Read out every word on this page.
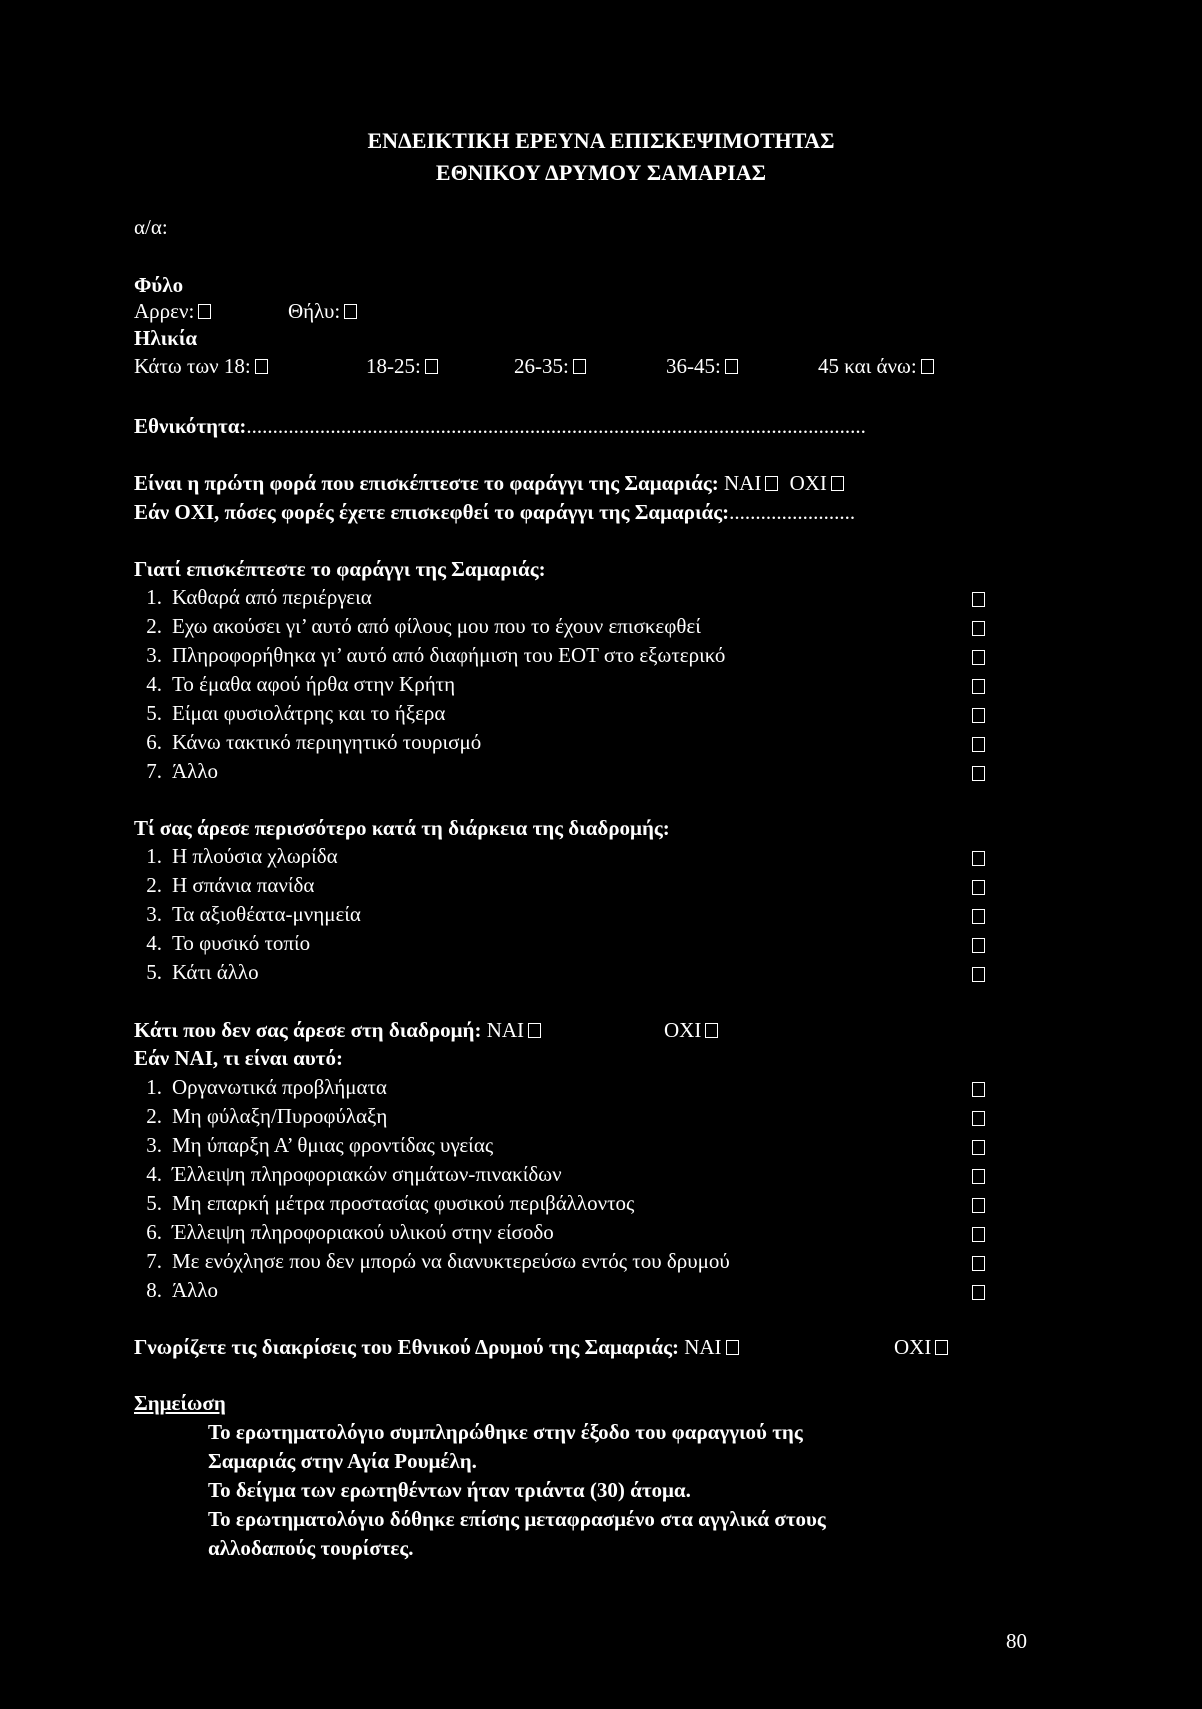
ΕΝΔΕΙΚΤΙΚΗ ΕΡΕΥΝΑ ΕΠΙΣΚΕΨΙΜΟΤΗΤΑΣ
ΕΘΝΙΚΟΥ ΔΡΥΜΟΥ ΣΑΜΑΡΙΑΣ
α/α:
Φύλο
Αρρεν:	Θήλυ:
Ηλικία
Κάτω των 18:	18-25:	26-35:	36-45:	45 και άνω:
Εθνικότητα:......................................................................................................................
Είναι η πρώτη φορά που επισκέπτεστε το φαράγγι της Σαμαριάς: ΝΑΙ ΟΧΙ
Εάν ΟΧΙ, πόσες φορές έχετε επισκεφθεί το φαράγγι της Σαμαριάς:........................
Γιατί επισκέπτεστε το φαράγγι της Σαμαριάς:
1. Καθαρά από περιέργεια
2. Εχω ακούσει γι’ αυτό από φίλους μου που το έχουν επισκεφθεί
3. Πληροφορήθηκα γι’ αυτό από διαφήμιση του ΕΟΤ στο εξωτερικό
4. Το έμαθα αφού ήρθα στην Κρήτη
5. Είμαι φυσιολάτρης και το ήξερα
6. Κάνω τακτικό περιηγητικό τουρισμό
7. Άλλο
Τί σας άρεσε περισσότερο κατά τη διάρκεια της διαδρομής:
1. Η πλούσια χλωρίδα
2. Η σπάνια πανίδα
3. Τα αξιοθέατα-μνημεία
4. Το φυσικό τοπίο
5. Κάτι άλλο
Κάτι που δεν σας άρεσε στη διαδρομή: ΝΑΙ	ΟΧΙ
Εάν ΝΑΙ, τι είναι αυτό:
1. Οργανωτικά προβλήματα
2. Μη φύλαξη/Πυροφύλαξη
3. Μη ύπαρξη Α’ θμιας φροντίδας υγείας
4. Έλλειψη πληροφοριακών σημάτων-πινακίδων
5. Μη επαρκή μέτρα προστασίας φυσικού περιβάλλοντος
6. Έλλειψη πληροφοριακού υλικού στην είσοδο
7. Με ενόχλησε που δεν μπορώ να διανυκτερεύσω εντός του δρυμού
8. Άλλο
Γνωρίζετε τις διακρίσεις του Εθνικού Δρυμού της Σαμαριάς: ΝΑΙ	ΟΧΙ
Σημείωση
Το ερωτηματολόγιο συμπληρώθηκε στην έξοδο του φαραγγιού της
Σαμαριάς στην Αγία Ρουμέλη.
Το δείγμα των ερωτηθέντων ήταν τριάντα (30) άτομα.
Το ερωτηματολόγιο δόθηκε επίσης μεταφρασμένο στα αγγλικά στους
αλλοδαπούς τουρίστες.
80
